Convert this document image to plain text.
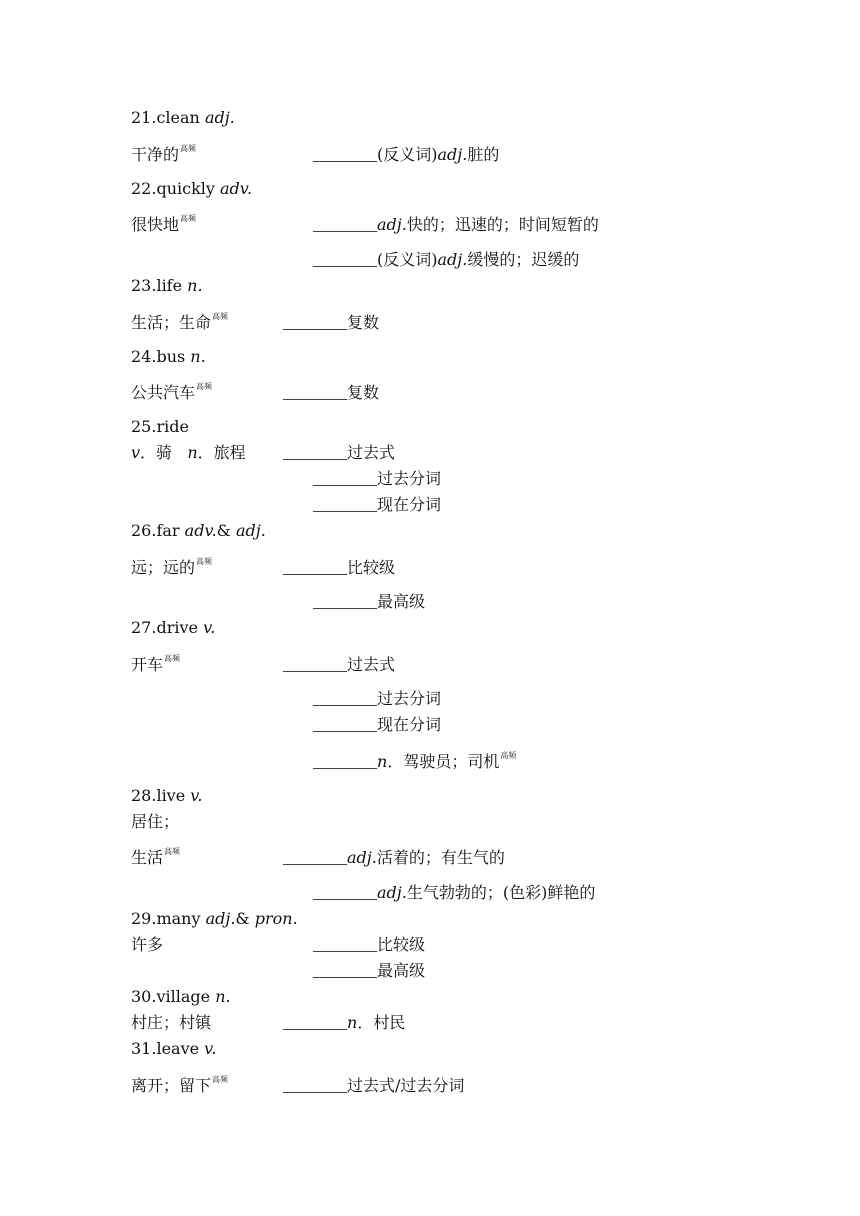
21.clean adj.
干净的$^{高频}$	________(反义词)adj.脏的
22.quickly adv.
很快地$^{高频}$	________adj.快的；迅速的；时间短暂的
________(反义词)adj.缓慢的；迟缓的
23.life n.
生活；生命$^{高频}$	________复数
24.bus n.
公共汽车$^{高频}$	________复数
25.ride
v．骑 n．旅程 ________过去式
________过去分词
________现在分词
26.far adv.& adj.
远；远的$^{高频}$	________比较级
________最高级
27.drive v.
开车$^{高频}$	________过去式
________过去分词
________现在分词
________n．驾驶员；司机$^{高频}$
28.live v.
居住；
生活$^{高频}$	________adj.活着的；有生气的
________adj.生气勃勃的；(色彩)鲜艳的
29.many adj.& pron.
许多	________比较级
________最高级
30.village n.
村庄；村镇	________n．村民
31.leave v.
离开；留下$^{高频}$	________过去式/过去分词
